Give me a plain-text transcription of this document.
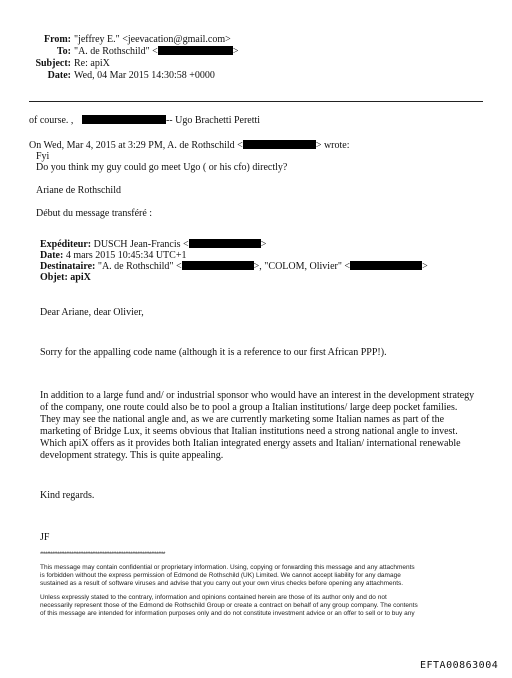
From: "jeffrey E." <jeevacation@gmail.com>
To: "A. de Rothschild" <	>
Subject: Re: apiX
Date: Wed, 04 Mar 2015 14:30:58 +0000
of course. ,	-- Ugo Brachetti Peretti
On Wed, Mar 4, 2015 at 3:29 PM, A. de Rothschild <	> wrote:
Fyi
Do you think my guy could go meet Ugo ( or his cfo) directly?
Ariane de Rothschild
Début du message transféré :
Expéditeur: DUSCH Jean-Francis <	>
Date: 4 mars 2015 10:45:34 UTC+1
Destinataire: "A. de Rothschild" <	>, "COLOM, Olivier" <	>
Objet: apiX
Dear Ariane, dear Olivier,
Sorry for the appalling code name (although it is a reference to our first African PPP!).
In addition to a large fund and/ or industrial sponsor who would have an interest in the development strategy
of the company, one route could also be to pool a group a Italian institutions/ large deep pocket families.
They may see the national angle and, as we are currently marketing some Italian names as part of the
marketing of Bridge Lux, it seems obvious that Italian institutions need a strong national angle to invest.
Which apiX offers as it provides both Italian integrated energy assets and Italian/ international renewable
development strategy. This is quite appealing.
Kind regards.
JF
************************************************************************
This message may contain confidential or proprietary information. Using, copying or forwarding this message and any attachments
is forbidden without the express permission of Edmond de Rothschild (UK) Limited. We cannot accept liability for any damage
sustained as a result of software viruses and advise that you carry out your own virus checks before opening any attachments.
Unless expressly stated to the contrary, information and opinions contained herein are those of its author only and do not
necessarily represent those of the Edmond de Rothschild Group or create a contract on behalf of any group company. The contents
of this message are intended for information purposes only and do not constitute investment advice or an offer to sell or to buy any
EFTA00863004
